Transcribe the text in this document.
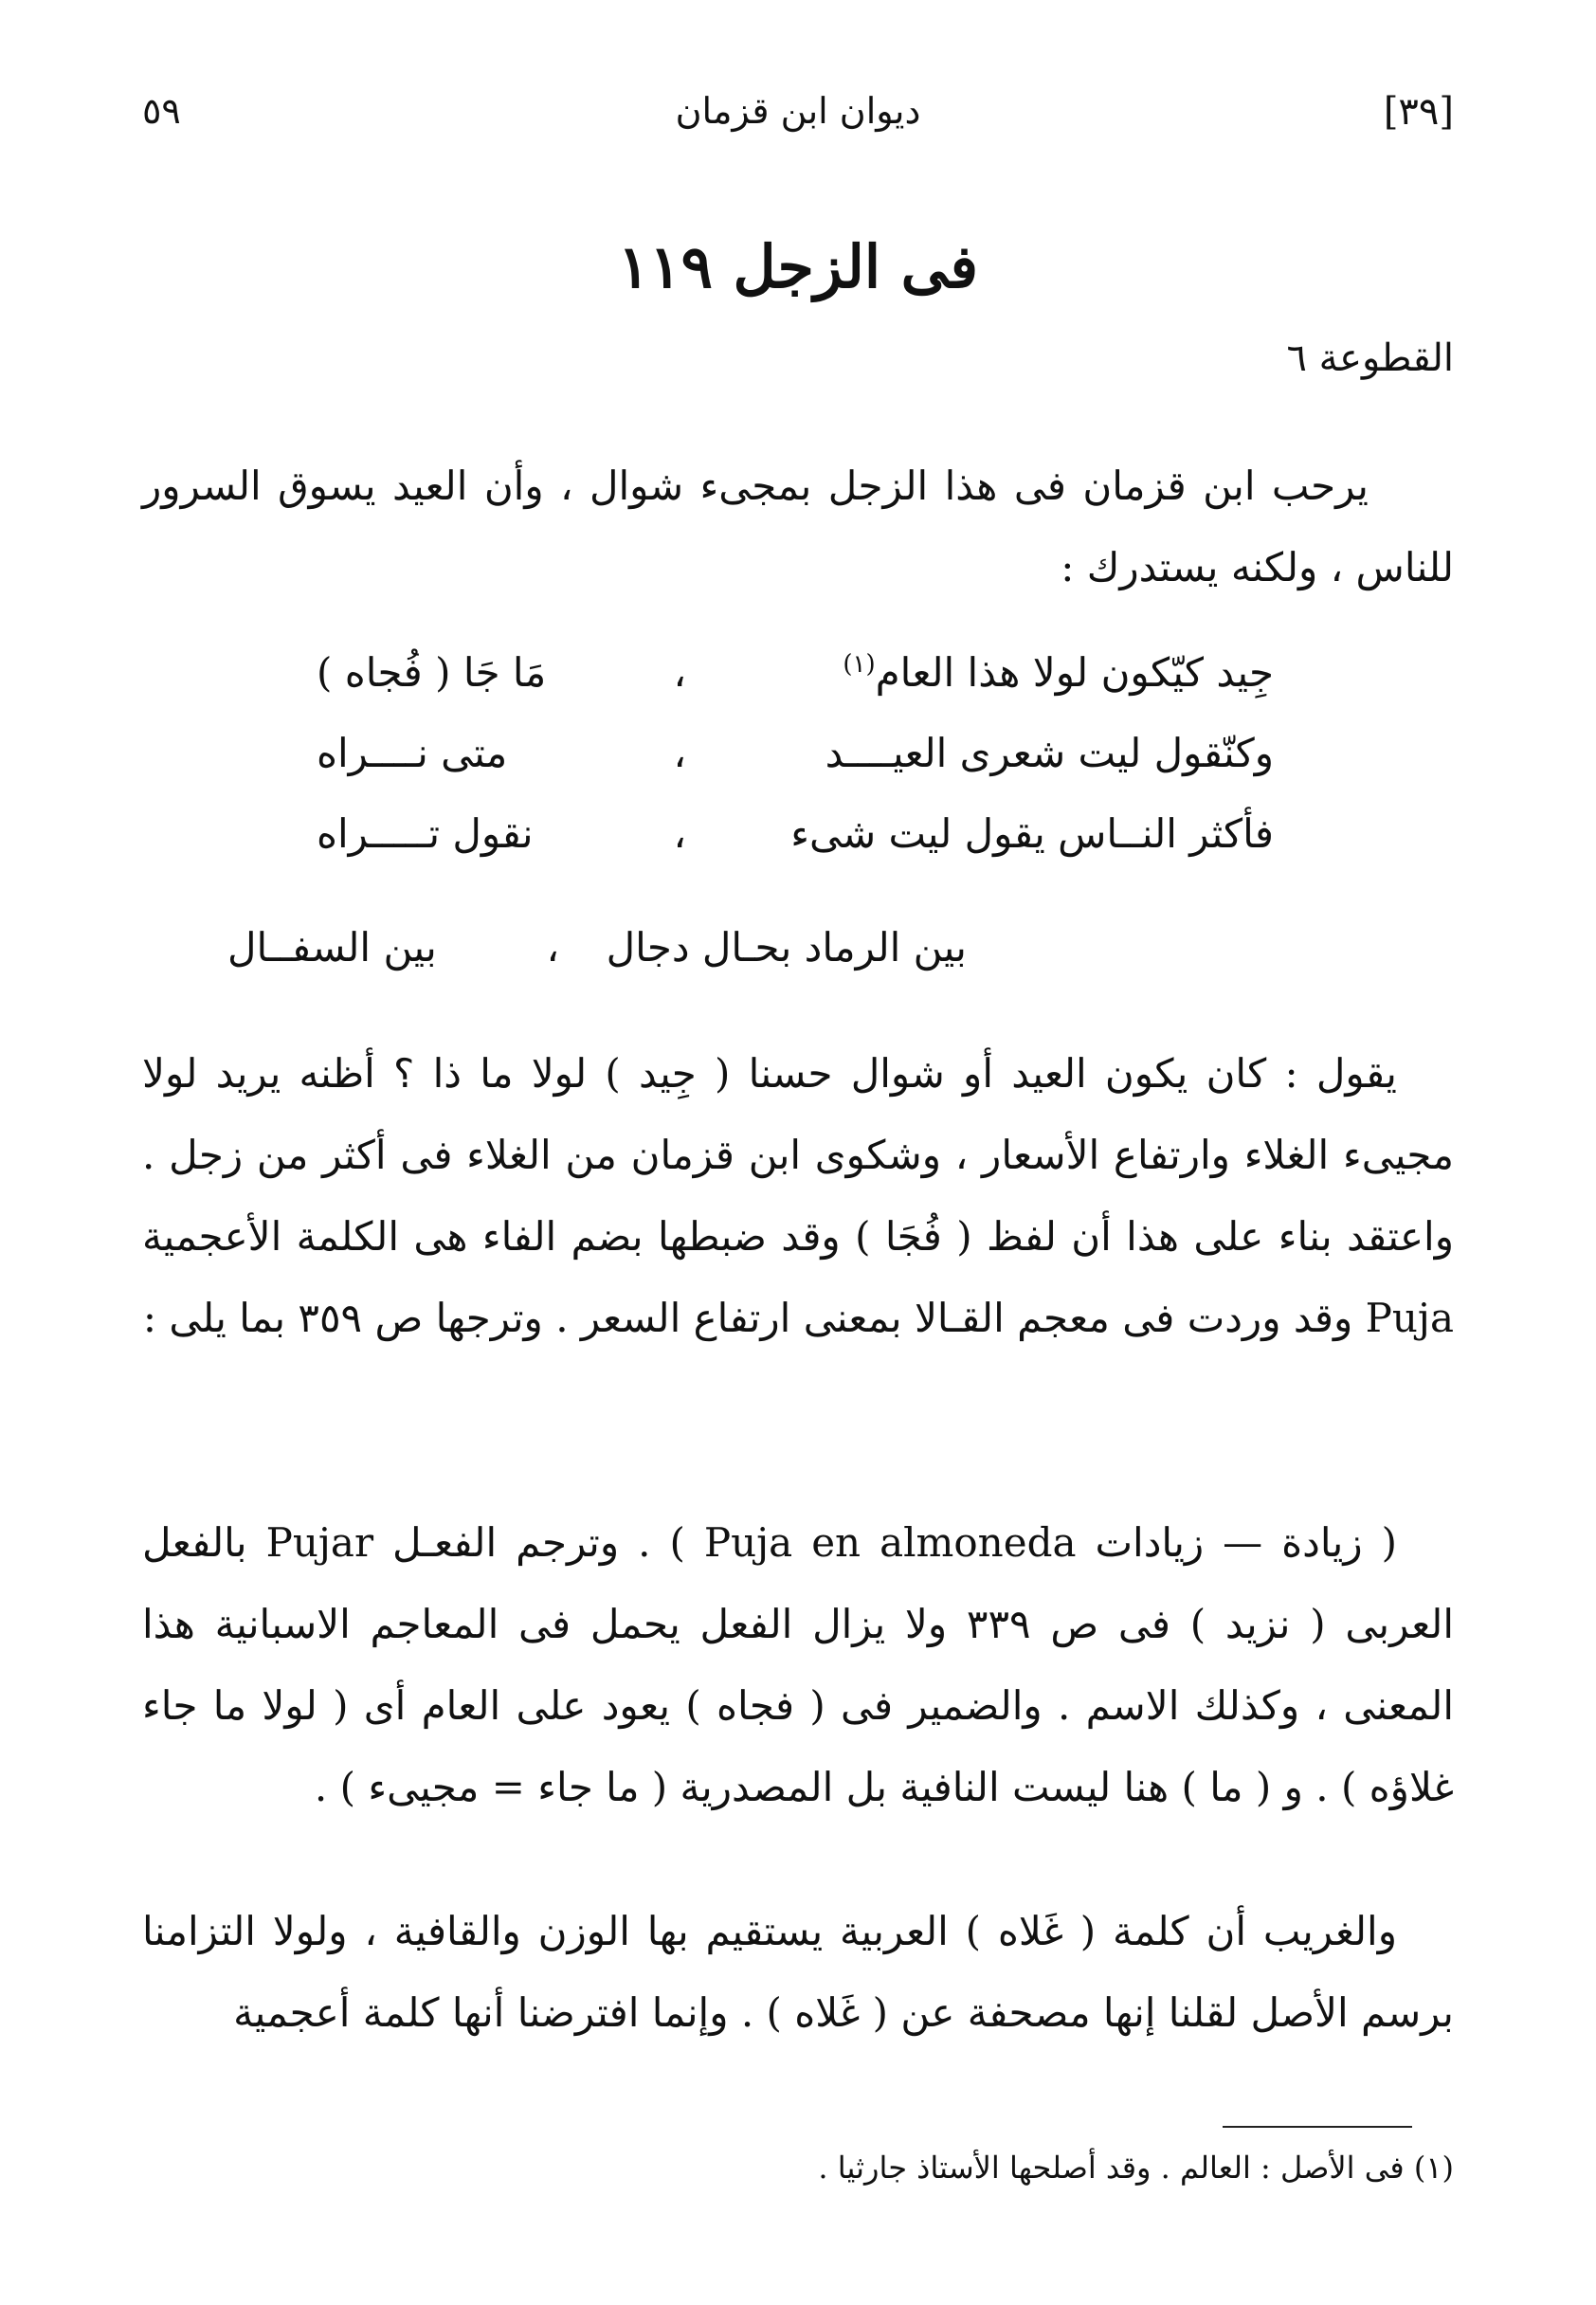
٥٩	ديوان ابن قزمان	[٣٩]
فى الزجل ١١٩
القطوعة ٦
يرحب ابن قزمان فى هذا الزجل بمجىء شوال ، وأن العيد يسوق السرور للناس ، ولكنه يستدرك :
جِيد كيّكون لولا هذا العام$^{(١)}$
،
مَا جَا ( فُجاه )
وكنّقول ليت شعرى العيــــد
،
متى نــــراه
فأكثر النــاس يقول ليت شىء
،
نقول تـــــراه
بين الرماد بحـال دجال
،
بين السفــال
يقول : كان يكون العيد أو شوال حسنا ( جِيد ) لولا ما ذا ؟ أظنه يريد لولا مجيىء الغلاء وارتفاع الأسعار ، وشكوى ابن قزمان من الغلاء فى أكثر من زجل . واعتقد بناء على هذا أن لفظ ( فُجَا ) وقد ضبطها بضم الفاء هى الكلمة الأعجمية Puja وقد وردت فى معجم القـالا بمعنى ارتفاع السعر . وترجها ص ٣٥٩ بما يلى :
( زيادة — زيادات Puja en almoneda ) . وترجم الفعـل Pujar بالفعل العربى ( نزيد ) فى ص ٣٣٩ ولا يزال الفعل يحمل فى المعاجم الاسبانية هذا المعنى ، وكذلك الاسم . والضمير فى ( فجاه ) يعود على العام أى ( لولا ما جاء غلاؤه ) . و ( ما ) هنا ليست النافية بل المصدرية ( ما جاء = مجيىء ) .
والغريب أن كلمة ( غَلاه ) العربية يستقيم بها الوزن والقافية ، ولولا التزامنا برسم الأصل لقلنا إنها مصحفة عن ( غَلاه ) . وإنما افترضنا أنها كلمة أعجمية
(١) فى الأصل : العالم . وقد أصلحها الأستاذ جارثيا .
